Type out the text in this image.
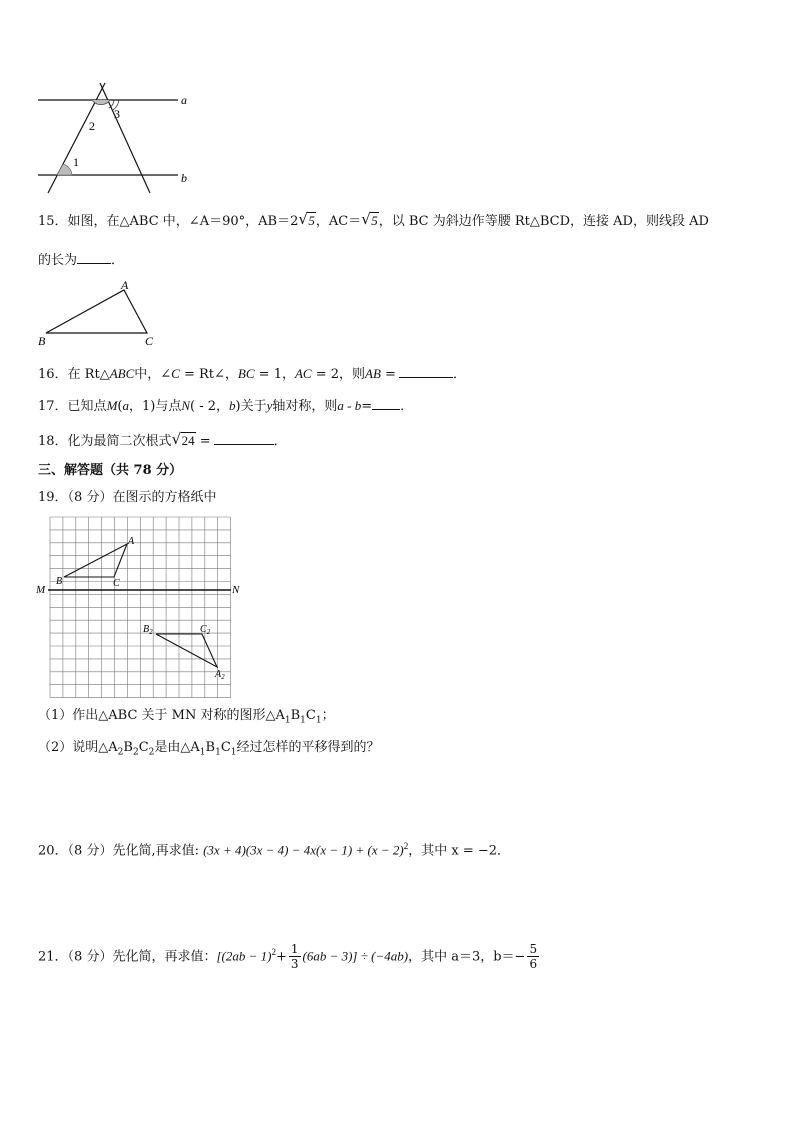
a
b
2
3
1
15．如图，在△ABC 中，∠A＝90°，AB＝2 √ 5，AC＝ √ 5，以 BC 为斜边作等腰 Rt△BCD，连接 AD，则线段 AD
的长为	．
A
B	C
16．在 Rt△ABC中，∠C = Rt∠，BC = 1，AC = 2，则AB =	．
17．已知点M(a，1)与点N( - 2，b)关于y轴对称，则a - b= ．
18．化为最简二次根式 √ 24 =	．
三、解答题（共 78 分）
19．（8 分）在图示的方格纸中
M	N
A
B	C
$B_2$	$C_2$
$A_2$
（1）作出△ABC 关于 MN 对称的图形$\triangle A_1B_1C_1$；
（2）说明$\triangle A_2B_2C_2$是由$\triangle A_1B_1C_1$经过怎样的平移得到的？
20．（8 分）先化简,再求值: $(3x + 4)(3x - 4) - 4x(x - 1) + (x - 2)^2$，其中 x = −2．
21．（8 分）先化简，再求值：$[(2ab - 1)^2+ \frac{1}{3} (6ab - 3)] \div (-4ab)$，其中 a＝3，$b=- \frac{5}{6}$
